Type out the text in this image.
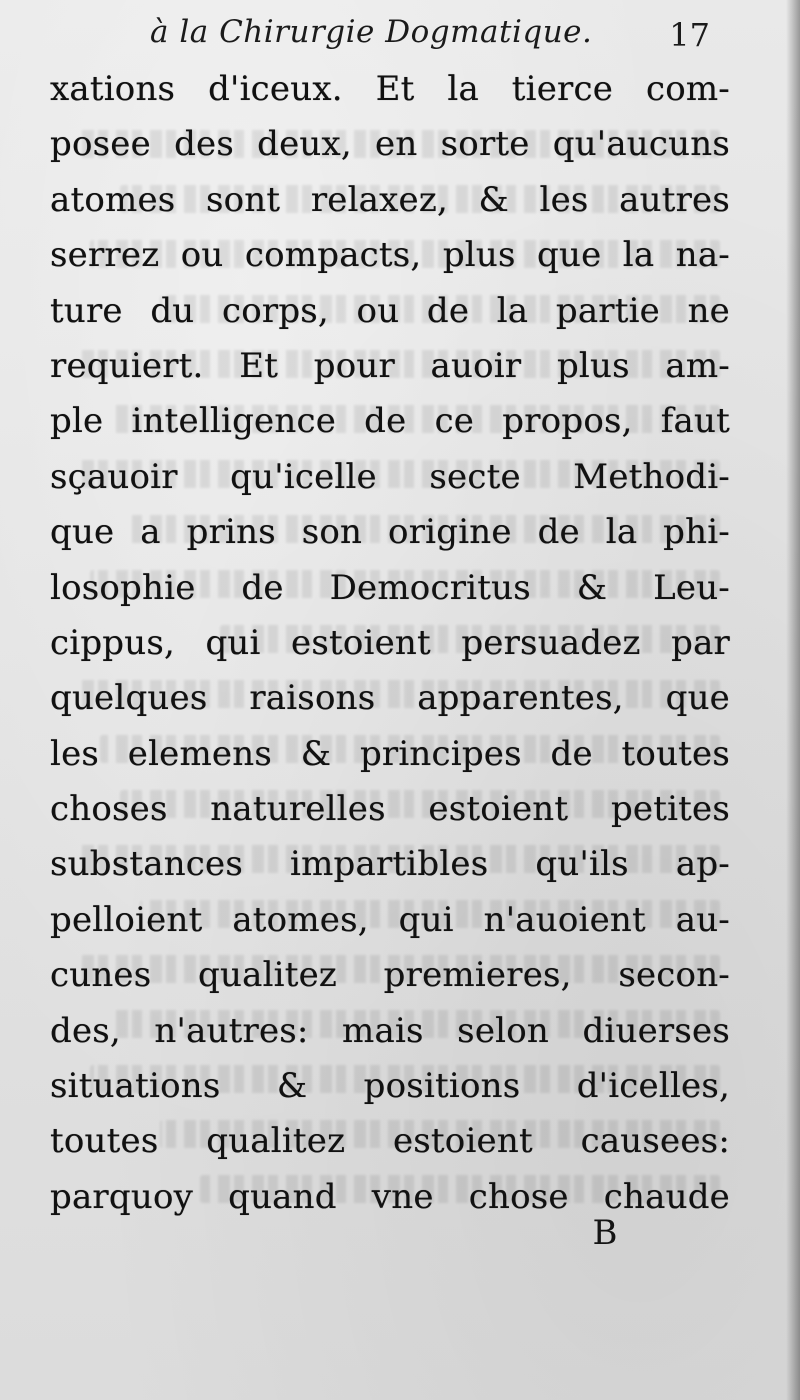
à la Chirurgie Dogmatique. 17
xations d'iceux. Et la tierce com-
posee des deux, en sorte qu'aucuns
atomes sont relaxez, & les autres
serrez ou compacts, plus que la na-
ture du corps, ou de la partie ne
requiert. Et pour auoir plus am-
ple intelligence de ce propos, faut
sçauoir qu'icelle secte Methodi-
que a prins son origine de la phi-
losophie de Democritus & Leu-
cippus, qui estoient persuadez par
quelques raisons apparentes, que
les elemens & principes de toutes
choses naturelles estoient petites
substances impartibles qu'ils ap-
pelloient atomes, qui n'auoient au-
cunes qualitez premieres, secon-
des, n'autres: mais selon diuerses
situations & positions d'icelles,
toutes qualitez estoient causees:
parquoy quand vne chose chaude
B
